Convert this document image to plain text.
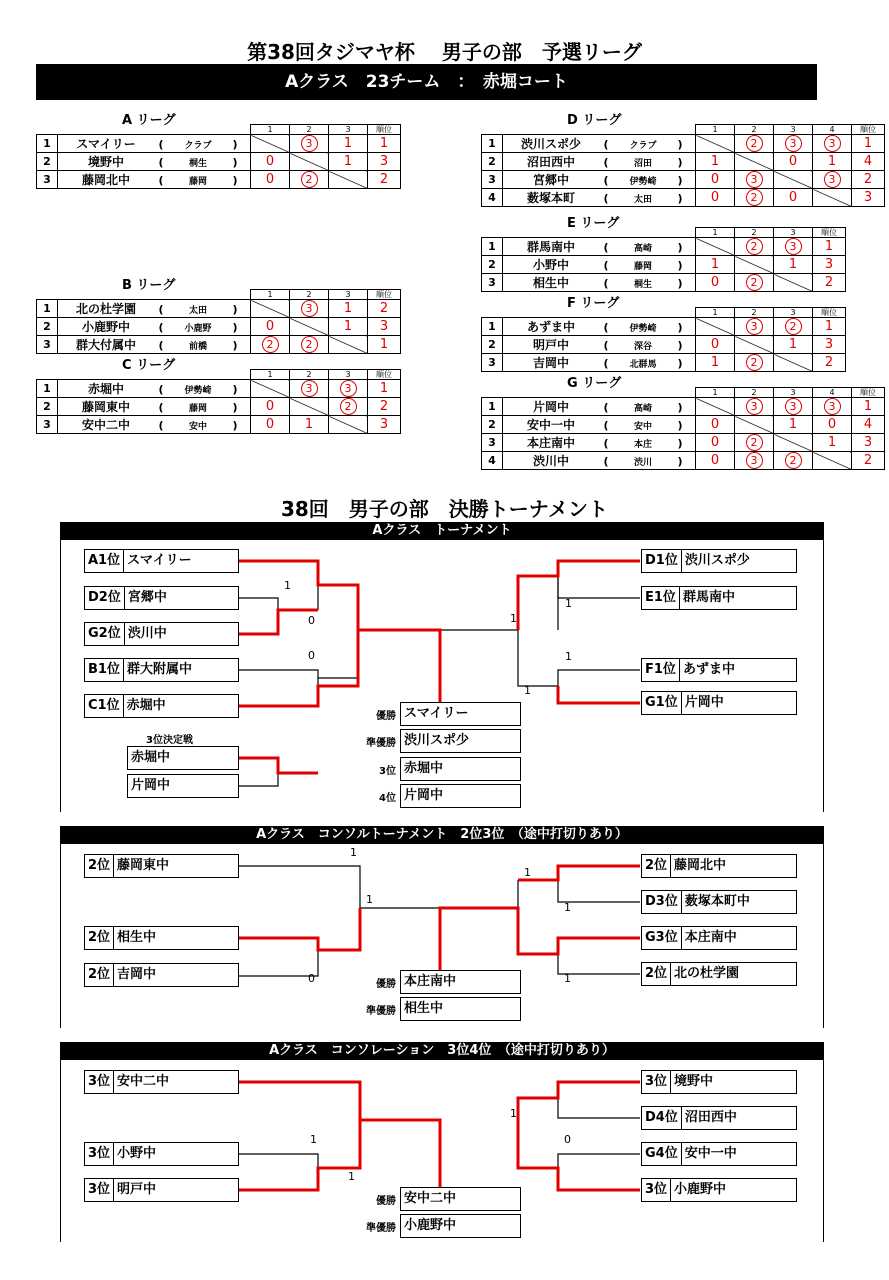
第38回タジマヤ杯　 男子の部　予選リーグ
Aクラス　23チーム　：　赤堀コート
A リーグ
		1	2	3	順位
1	スマイリー ( クラブ )		3	1	1
2	境野中 ( 桐生 )	0		1	3
3	藤岡北中 ( 藤岡 )	0	2		2
B リーグ
		1	2	3	順位
1	北の杜学園 ( 太田 )		3	1	2
2	小鹿野中 ( 小鹿野 )	0		1	3
3	群大付属中 ( 前橋 )	2	2		1
C リーグ
		1	2	3	順位
1	赤堀中 ( 伊勢崎 )		3	3	1
2	藤岡東中 ( 藤岡 )	0		2	2
3	安中二中 ( 安中 )	0	1		3
D リーグ
		1	2	3	4	順位
1	渋川スポ少 ( クラブ )		2	3	3	1
2	沼田西中 ( 沼田 )	1		0	1	4
3	宮郷中 ( 伊勢崎 )	0	3		3	2
4	薮塚本町 ( 太田 )	0	2	0		3
E リーグ
		1	2	3	順位
1	群馬南中 ( 高崎 )		2	3	1
2	小野中 ( 藤岡 )	1		1	3
3	相生中 ( 桐生 )	0	2		2
F リーグ
		1	2	3	順位
1	あずま中 ( 伊勢崎 )		3	2	1
2	明戸中 ( 深谷 )	0		1	3
3	吉岡中 ( 北群馬 )	1	2		2
G リーグ
		1	2	3	4	順位
1	片岡中 ( 高崎 )		3	3	3	1
2	安中一中 ( 安中 )	0		1	0	4
3	本庄南中 ( 本庄 )	0	2		1	3
4	渋川中 ( 渋川 )	0	3	2		2
38回　男子の部　決勝トーナメント
Aクラス　トーナメント
A1位 スマイリー
D2位 宮郷中
G2位 渋川中
B1位 群大附属中
C1位 赤堀中
D1位 渋川スポ少
E1位 群馬南中
F1位 あずま中
G1位 片岡中
1
0
0
1
1
1
1
3位決定戦
赤堀中
片岡中
優勝 スマイリー
準優勝 渋川スポ少
3位 赤堀中
4位 片岡中
Aクラス　コンソルトーナメント　2位3位　（途中打切りあり）
2位 藤岡東中
2位 相生中
2位 吉岡中
2位 藤岡北中
D3位 薮塚本町中
G3位 本庄南中
2位 北の杜学園
1
1
0
1
1
1
優勝 本庄南中
準優勝 相生中
Aクラス　コンソレーション　3位4位　（途中打切りあり）
3位 安中二中
3位 小野中
3位 明戸中
3位 境野中
D4位 沼田西中
G4位 安中一中
3位 小鹿野中
1
1
1
0
優勝 安中二中
準優勝 小鹿野中
